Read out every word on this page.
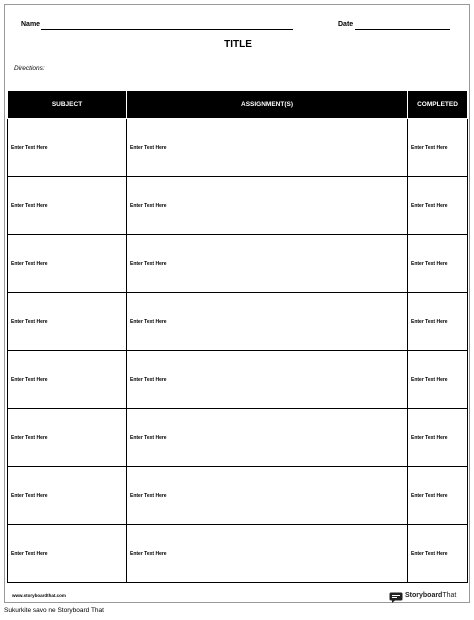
Name	Date
TITLE
Directions:
SUBJECT	ASSIGNMENT(S)	COMPLETED
Enter Text Here	Enter Text Here	Enter Text Here
Enter Text Here	Enter Text Here	Enter Text Here
Enter Text Here	Enter Text Here	Enter Text Here
Enter Text Here	Enter Text Here	Enter Text Here
Enter Text Here	Enter Text Here	Enter Text Here
Enter Text Here	Enter Text Here	Enter Text Here
Enter Text Here	Enter Text Here	Enter Text Here
Enter Text Here	Enter Text Here	Enter Text Here
www.storyboardthat.com	StoryboardThat
Sukurkite savo ne Storyboard That
